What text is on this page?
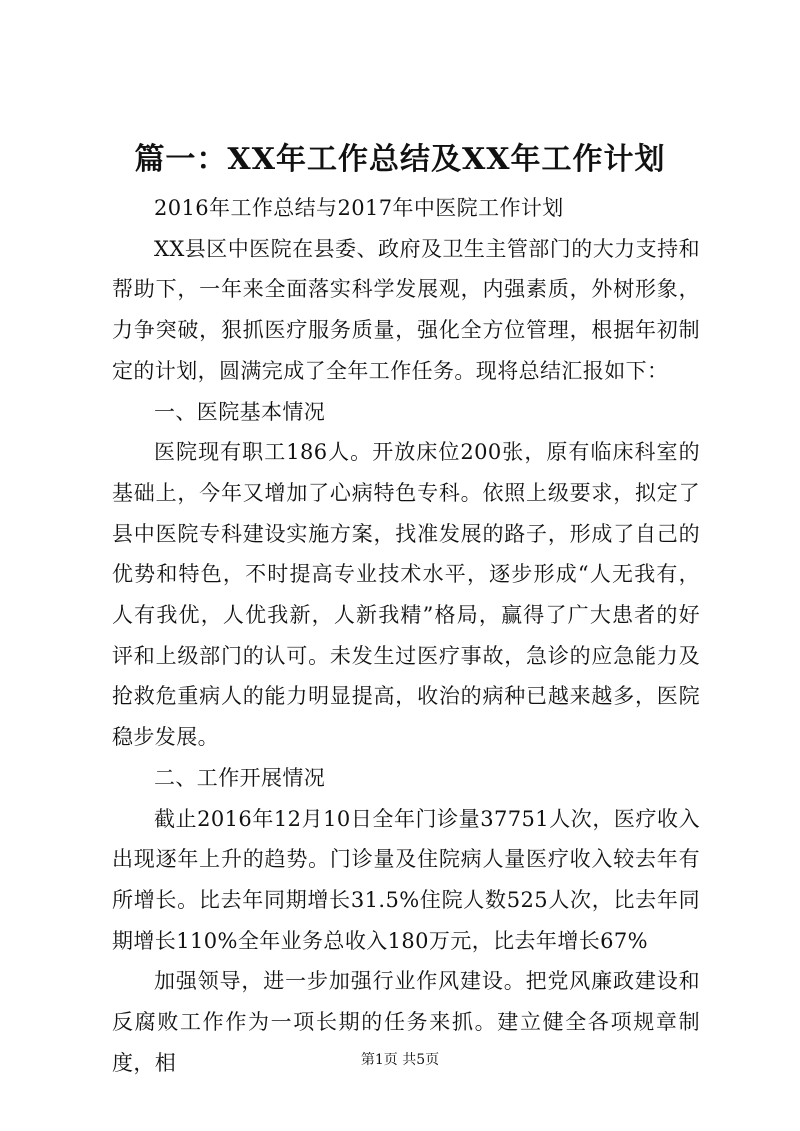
篇一：XX年工作总结及XX年工作计划

2016年工作总结与2017年中医院工作计划

XX县区中医院在县委、政府及卫生主管部门的大力支持和帮助下，一年来全面落实科学发展观，内强素质，外树形象，力争突破，狠抓医疗服务质量，强化全方位管理，根据年初制定的计划，圆满完成了全年工作任务。现将总结汇报如下：

一、医院基本情况

医院现有职工186人。开放床位200张，原有临床科室的基础上，今年又增加了心病特色专科。依照上级要求，拟定了县中医院专科建设实施方案，找准发展的路子，形成了自己的优势和特色，不时提高专业技术水平，逐步形成“人无我有，人有我优，人优我新，人新我精”格局，赢得了广大患者的好评和上级部门的认可。未发生过医疗事故，急诊的应急能力及抢救危重病人的能力明显提高，收治的病种已越来越多，医院稳步发展。

二、工作开展情况

截止2016年12月10日全年门诊量37751人次，医疗收入出现逐年上升的趋势。门诊量及住院病人量医疗收入较去年有所增长。比去年同期增长31.5%住院人数525人次，比去年同期增长110%全年业务总收入180万元，比去年增长67%

加强领导，进一步加强行业作风建设。把党风廉政建设和反腐败工作作为一项长期的任务来抓。建立健全各项规章制度，相	第1页 共5页
